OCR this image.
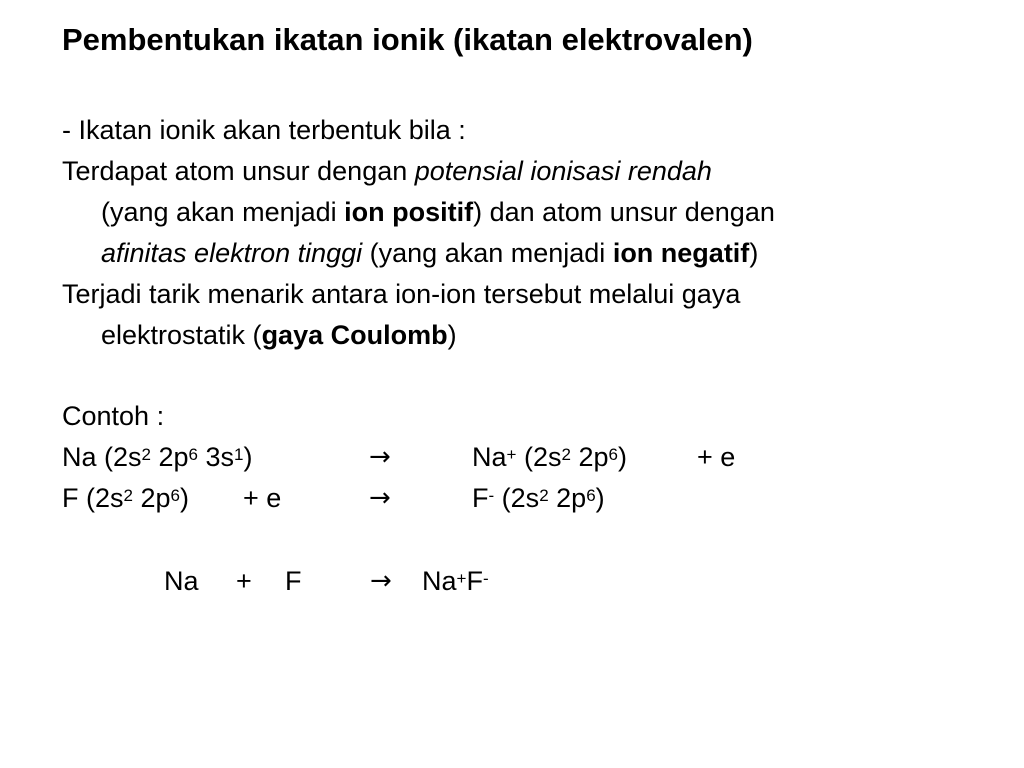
Pembentukan ikatan ionik (ikatan elektrovalen)
- Ikatan ionik akan terbentuk bila :
Terdapat atom unsur dengan potensial ionisasi rendah
(yang akan menjadi ion positif) dan atom unsur dengan
afinitas elektron tinggi (yang akan menjadi ion negatif)
Terjadi tarik menarik antara ion-ion tersebut melalui gaya
elektrostatik (gaya Coulomb)
Contoh :
Na ($2s^2$ $2p^6$ $3s^1$)	→	Na+ ($2s^2$ $2p^6$)	+ e
F ($2s^2$ $2p^6) + e$	→	F- ($2s^2$ $2p^6$)
Na + F	→ Na+F-
